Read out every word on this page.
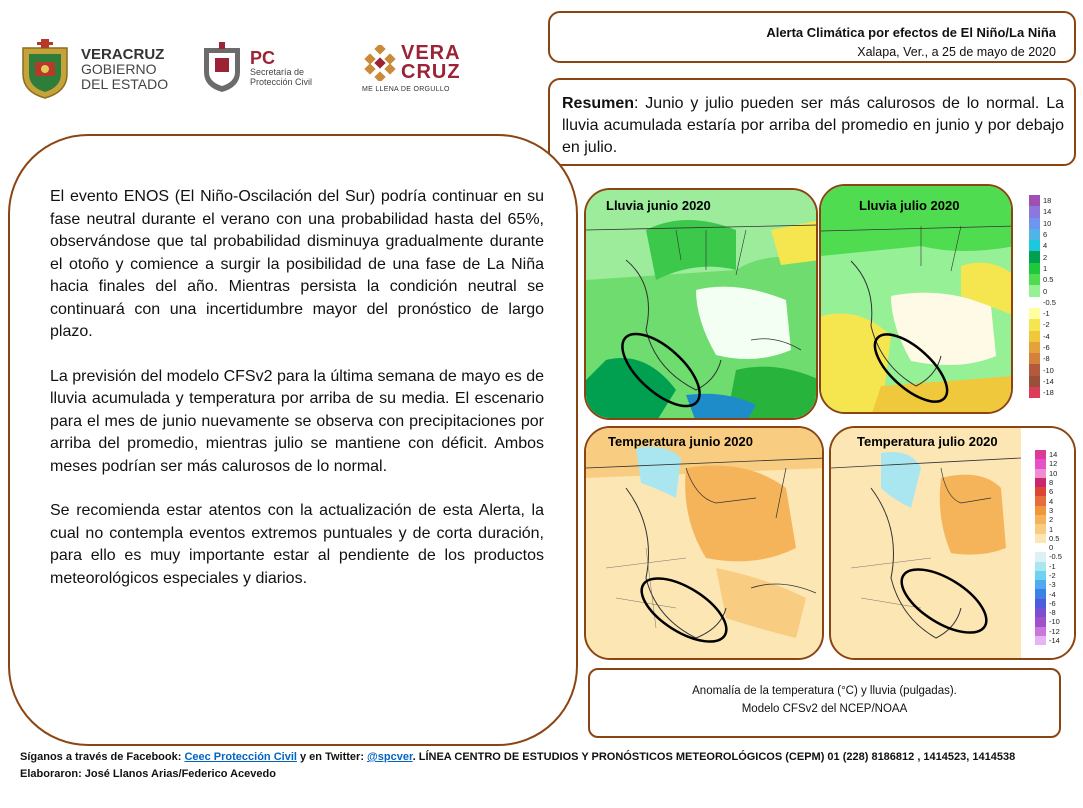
VERACRUZ
GOBIERNO
DEL ESTADO
PC
Secretaría de
Protección Civil
VERA
CRUZ
ME LLENA DE ORGULLO
Alerta Climática por efectos de El Niño/La Niña
Xalapa, Ver., a 25 de mayo de 2020
Resumen: Junio y julio pueden ser más calurosos de lo normal. La lluvia acumulada estaría por arriba del promedio en junio y por debajo en julio.

El evento ENOS (El Niño-Oscilación del Sur) podría continuar en su fase neutral durante el verano con una probabilidad hasta del 65%, observándose que tal probabilidad disminuya gradualmente durante el otoño y comience a surgir la posibilidad de una fase de La Niña hacia finales del año. Mientras persista la condición neutral se continuará con una incertidumbre mayor del pronóstico de largo plazo.

La previsión del modelo CFSv2 para la última semana de mayo es de lluvia acumulada y temperatura por arriba de su media. El escenario para el mes de junio nuevamente se observa con precipitaciones por arriba del promedio, mientras julio se mantiene con déficit. Ambos meses podrían ser más calurosos de lo normal.

Se recomienda estar atentos con la actualización de esta Alerta, la cual no contempla eventos extremos puntuales y de corta duración, para ello es muy importante estar al pendiente de los productos meteorológicos especiales y diarios.

Lluvia junio 2020	Lluvia julio 2020
Temperatura junio 2020	Temperatura julio 2020
18
14
10
6
4
2
1
0.5
0
-0.5
-1
-2
-4
-6
-8
-10
-14
-18
14
12
10
8
6
4
3
2
1
0.5
0
-0.5
-1
-2
-3
-4
-6
-8
-10
-12
-14
Anomalía de la temperatura (°C) y lluvia (pulgadas).
Modelo CFSv2 del NCEP/NOAA
Síganos a través de Facebook: Ceec Protección Civil y en Twitter: @spcver. LÍNEA CENTRO DE ESTUDIOS Y PRONÓSTICOS METEOROLÓGICOS (CEPM) 01 (228) 8186812 , 1414523, 1414538
Elaboraron: José Llanos Arias/Federico Acevedo
